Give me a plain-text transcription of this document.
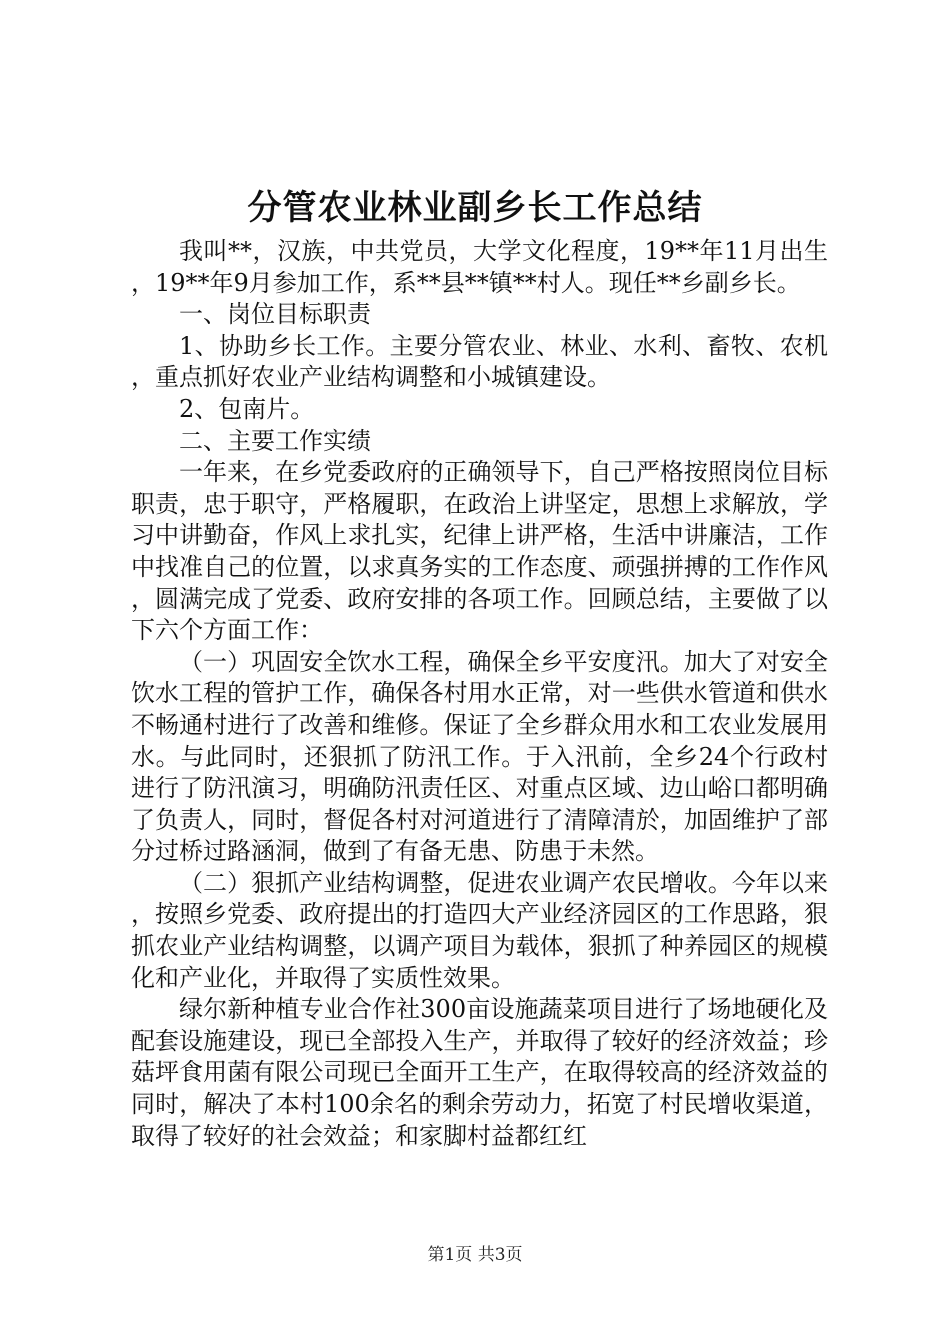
分管农业林业副乡长工作总结

我叫**，汉族，中共党员，大学文化程度，19**年11月出生，19**年9月参加工作，系**县**镇**村人。现任**乡副乡长。

一、岗位目标职责

1、协助乡长工作。主要分管农业、林业、水利、畜牧、农机，重点抓好农业产业结构调整和小城镇建设。

2、包南片。

二、主要工作实绩

一年来，在乡党委政府的正确领导下，自己严格按照岗位目标职责，忠于职守，严格履职，在政治上讲坚定，思想上求解放，学习中讲勤奋，作风上求扎实，纪律上讲严格，生活中讲廉洁，工作中找准自己的位置，以求真务实的工作态度、顽强拼搏的工作作风，圆满完成了党委、政府安排的各项工作。回顾总结，主要做了以下六个方面工作：

（一）巩固安全饮水工程，确保全乡平安度汛。加大了对安全饮水工程的管护工作，确保各村用水正常，对一些供水管道和供水不畅通村进行了改善和维修。保证了全乡群众用水和工农业发展用水。与此同时，还狠抓了防汛工作。于入汛前，全乡24个行政村进行了防汛演习，明确防汛责任区、对重点区域、边山峪口都明确了负责人，同时，督促各村对河道进行了清障清於，加固维护了部分过桥过路涵洞，做到了有备无患、防患于未然。

（二）狠抓产业结构调整，促进农业调产农民增收。今年以来，按照乡党委、政府提出的打造四大产业经济园区的工作思路，狠抓农业产业结构调整，以调产项目为载体，狠抓了种养园区的规模化和产业化，并取得了实质性效果。

绿尔新种植专业合作社300亩设施蔬菜项目进行了场地硬化及配套设施建设，现已全部投入生产，并取得了较好的经济效益；珍菇坪食用菌有限公司现已全面开工生产，在取得较高的经济效益的同时，解决了本村100余名的剩余劳动力，拓宽了村民增收渠道，取得了较好的社会效益；和家脚村益都红红

第1页 共3页
